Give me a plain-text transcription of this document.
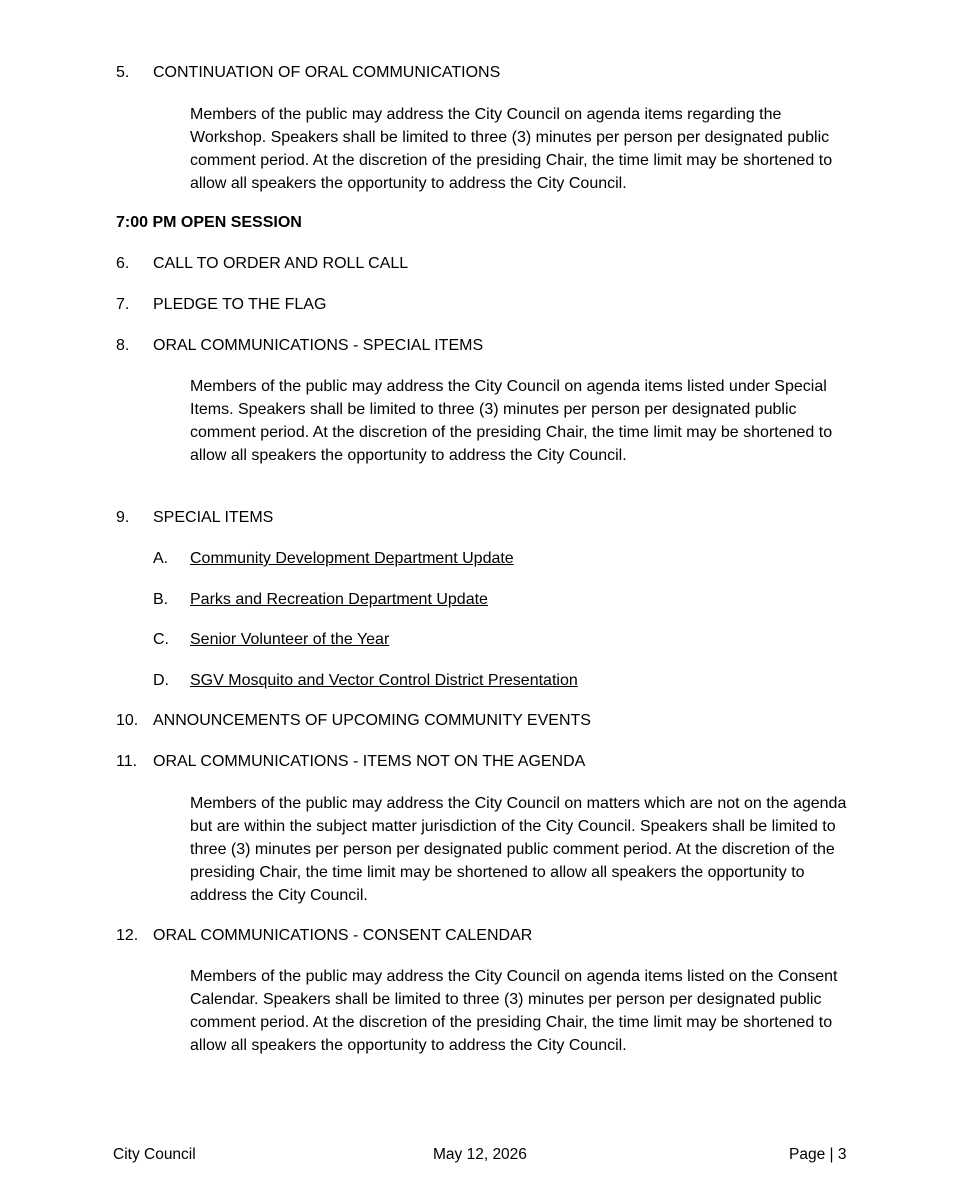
5. CONTINUATION OF ORAL COMMUNICATIONS

Members of the public may address the City Council on agenda items regarding the Workshop. Speakers shall be limited to three (3) minutes per person per designated public comment period. At the discretion of the presiding Chair, the time limit may be shortened to allow all speakers the opportunity to address the City Council.

7:00 PM OPEN SESSION
6. CALL TO ORDER AND ROLL CALL
7. PLEDGE TO THE FLAG
8. ORAL COMMUNICATIONS - SPECIAL ITEMS

Members of the public may address the City Council on agenda items listed under Special Items. Speakers shall be limited to three (3) minutes per person per designated public comment period. At the discretion of the presiding Chair, the time limit may be shortened to allow all speakers the opportunity to address the City Council.

9. SPECIAL ITEMS
A. Community Development Department Update
B. Parks and Recreation Department Update
C. Senior Volunteer of the Year
D. SGV Mosquito and Vector Control District Presentation
10. ANNOUNCEMENTS OF UPCOMING COMMUNITY EVENTS
11. ORAL COMMUNICATIONS - ITEMS NOT ON THE AGENDA

Members of the public may address the City Council on matters which are not on the agenda but are within the subject matter jurisdiction of the City Council. Speakers shall be limited to three (3) minutes per person per designated public comment period. At the discretion of the presiding Chair, the time limit may be shortened to allow all speakers the opportunity to address the City Council.

12. ORAL COMMUNICATIONS - CONSENT CALENDAR

Members of the public may address the City Council on agenda items listed on the Consent Calendar. Speakers shall be limited to three (3) minutes per person per designated public comment period. At the discretion of the presiding Chair, the time limit may be shortened to allow all speakers the opportunity to address the City Council.

City Council	May 12, 2026	Page | 3
